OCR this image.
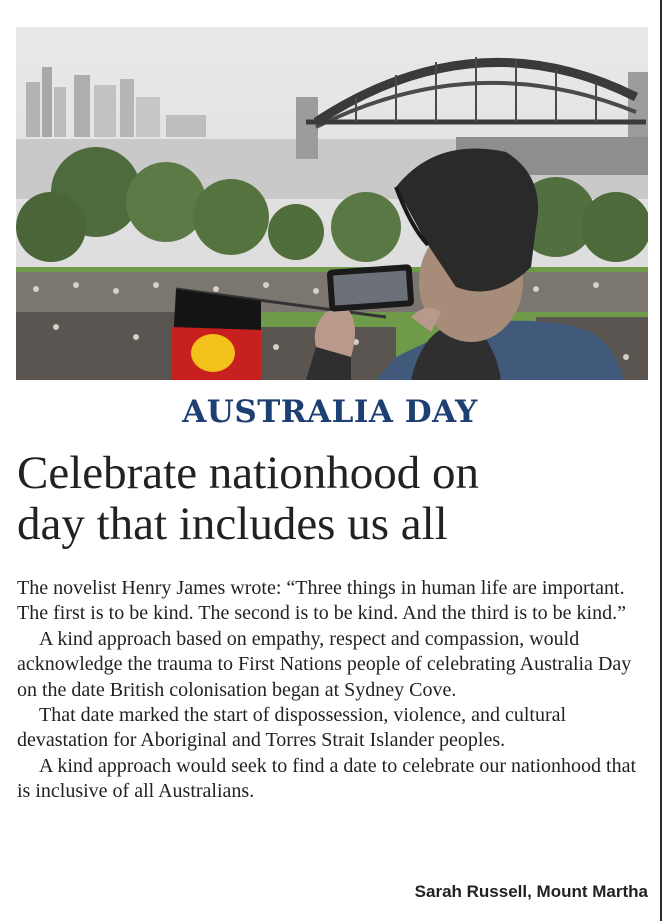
AUSTRALIA DAY
Celebrate nationhood on
day that includes us all

The novelist Henry James wrote: “Three things in human life are important. The first is to be kind. The second is to be kind. And the third is to be kind.”

A kind approach based on empathy, respect and compassion, would acknowledge the trauma to First Nations people of celebrating Australia Day on the date British colonisation began at Sydney Cove.

That date marked the start of dispossession, violence, and cultural devastation for Aboriginal and Torres Strait Islander peoples.

A kind approach would seek to find a date to celebrate our nationhood that is inclusive of all Australians.

Sarah Russell, Mount Martha
